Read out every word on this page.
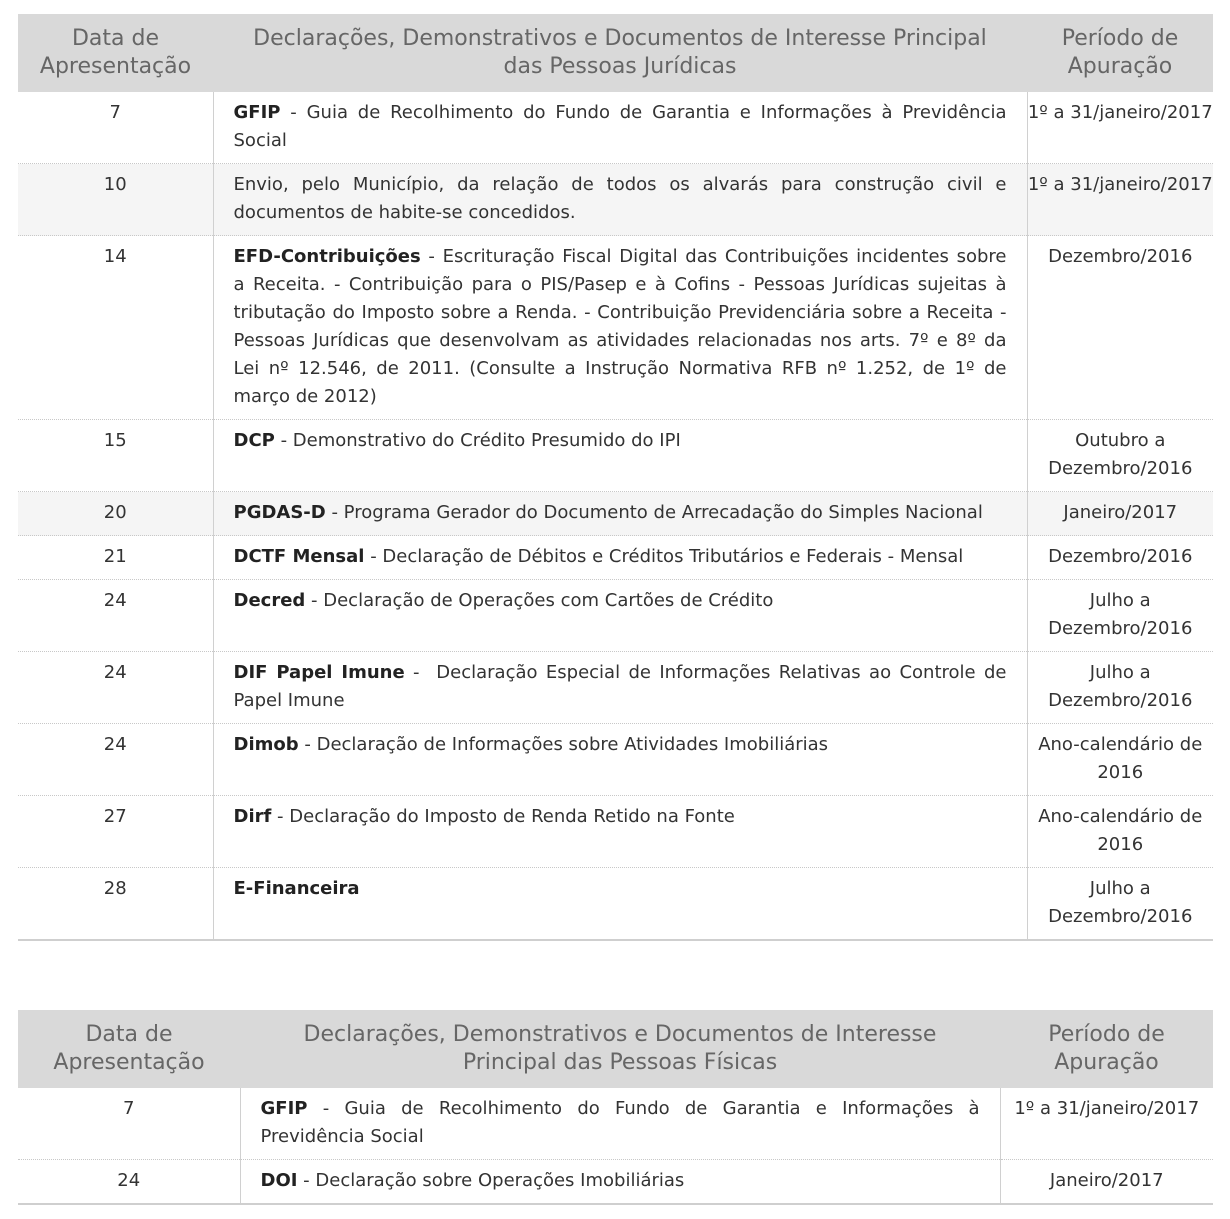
Data de Apresentação	Declarações, Demonstrativos e Documentos de Interesse Principal das Pessoas Jurídicas	Período de Apuração
7	GFIP - Guia de Recolhimento do Fundo de Garantia e Informações à Previdência Social	1º a 31/janeiro/2017
10	Envio, pelo Município, da relação de todos os alvarás para construção civil e documentos de habite-se concedidos.	1º a 31/janeiro/2017
14	EFD-Contribuições - Escrituração Fiscal Digital das Contribuições incidentes sobre a Receita. - Contribuição para o PIS/Pasep e à Cofins - Pessoas Jurídicas sujeitas à tributação do Imposto sobre a Renda. - Contribuição Previdenciária sobre a Receita - Pessoas Jurídicas que desenvolvam as atividades relacionadas nos arts. 7º e 8º da Lei nº 12.546, de 2011. (Consulte a Instrução Normativa RFB nº 1.252, de 1º de março de 2012)	Dezembro/2016
15	DCP - Demonstrativo do Crédito Presumido do IPI	Outubro a Dezembro/2016
20	PGDAS-D - Programa Gerador do Documento de Arrecadação do Simples Nacional	Janeiro/2017
21	DCTF Mensal - Declaração de Débitos e Créditos Tributários e Federais - Mensal	Dezembro/2016
24	Decred - Declaração de Operações com Cartões de Crédito	Julho a Dezembro/2016
24	DIF Papel Imune -  Declaração Especial de Informações Relativas ao Controle de Papel Imune	Julho a Dezembro/2016
24	Dimob - Declaração de Informações sobre Atividades Imobiliárias	Ano-calendário de 2016
27	Dirf - Declaração do Imposto de Renda Retido na Fonte	Ano-calendário de 2016
28	E-Financeira	Julho a Dezembro/2016
Data de Apresentação	Declarações, Demonstrativos e Documentos de Interesse Principal das Pessoas Físicas	Período de Apuração
7	GFIP - Guia de Recolhimento do Fundo de Garantia e Informações à Previdência Social	1º a 31/janeiro/2017
24	DOI - Declaração sobre Operações Imobiliárias	Janeiro/2017
